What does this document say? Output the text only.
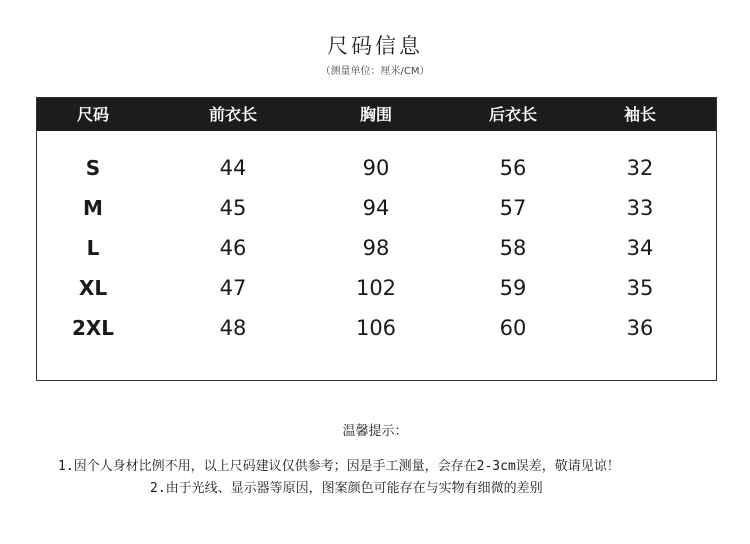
尺码信息
（测量单位：厘米/CM）
尺码	前衣长	胸围	后衣长	袖长
S	44	90	56	32
M	45	94	57	33
L	46	98	58	34
XL	47	102	59	35
2XL	48	106	60	36
温馨提示：
1.因个人身材比例不用，以上尺码建议仅供参考；因是手工测量，会存在2-3cm误差，敬请见谅！
2.由于光线、显示器等原因，图案颜色可能存在与实物有细微的差别
